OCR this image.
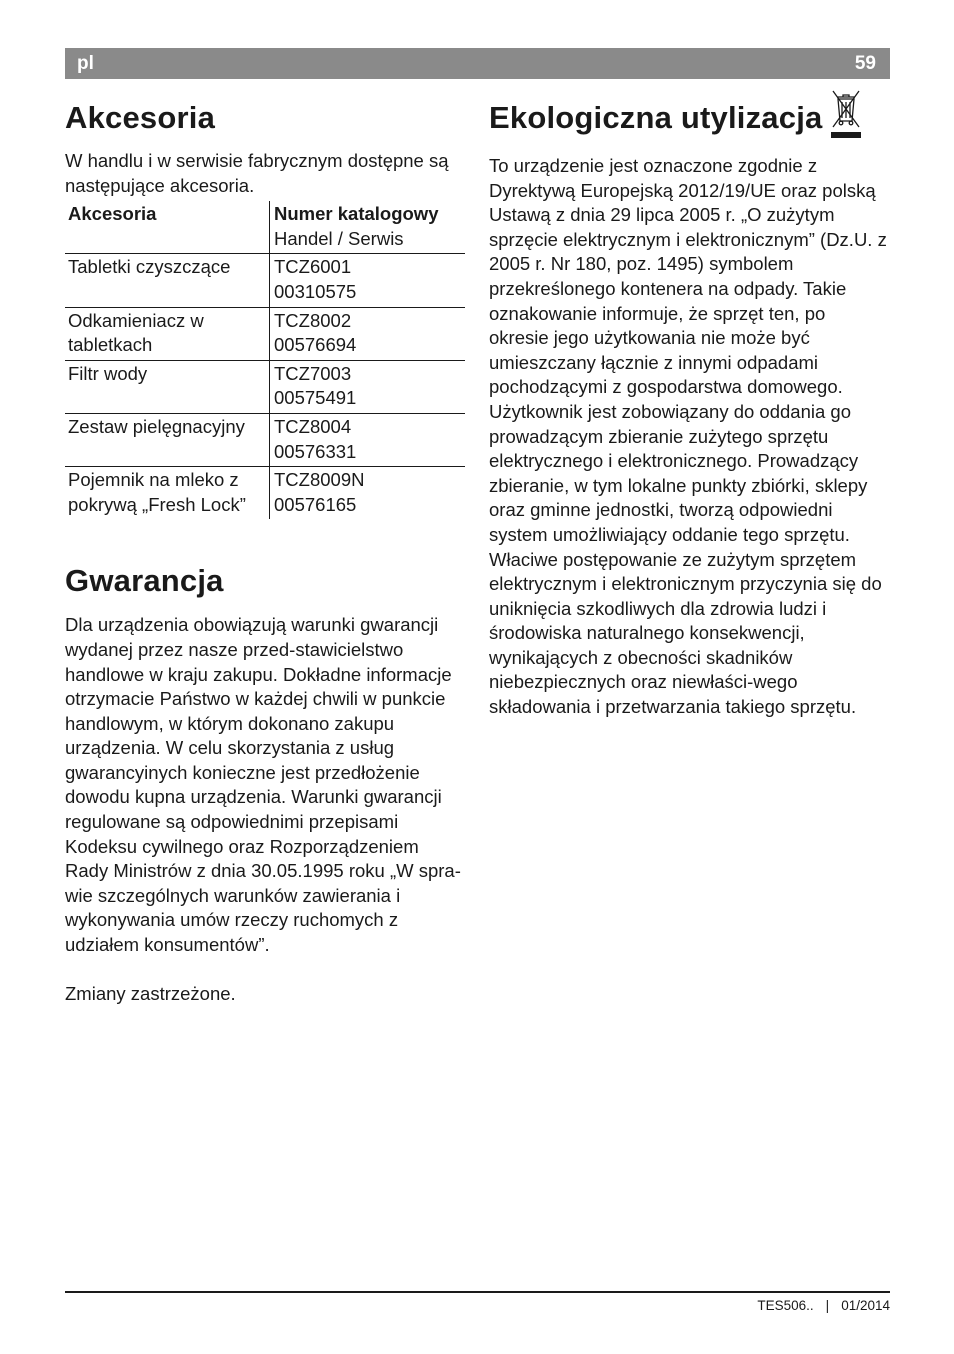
pl	59
Akcesoria

W handlu i w serwisie fabrycznym dostępne są następujące akcesoria.

Akcesoria	Numer katalogowy
Handel / Serwis

Tabletki czyszczące	TCZ6001
00310575

Odkamieniacz w tabletkach	TCZ8002
00576694

Filtr wody	TCZ7003
00575491

Zestaw pielęgnacyjny	TCZ8004
00576331

Pojemnik na mleko z pokrywą „Fresh Lock”	TCZ8009N
00576165
Gwarancja

Dla urządzenia obowiązują warunki gwarancji wydanej przez nasze przed-stawicielstwo handlowe w kraju zakupu. Dokładne informacje otrzymacie Państwo w każdej chwili w punkcie handlowym, w którym dokonano zakupu urządzenia. W celu skorzystania z usług gwarancyinych konieczne jest przedłożenie dowodu kupna urządzenia. Warunki gwarancji regulowane są odpowiednimi przepisami Kodeksu cywilnego oraz Rozporządzeniem Rady Ministrów z dnia 30.05.1995 roku „W spra-wie szczególnych warunków zawierania i wykonywania umów rzeczy ruchomych z udziałem konsumentów”.

Zmiany zastrzeżone.

Ekologiczna utylizacja

To urządzenie jest oznaczone zgodnie z Dyrektywą Europejską 2012/19/UE oraz polską Ustawą z dnia 29 lipca 2005 r. „O zużytym sprzęcie elektrycznym i elektronicznym” (Dz.U. z 2005 r. Nr 180, poz. 1495) symbolem przekreślonego kontenera na odpady. Takie oznakowanie informuje, że sprzęt ten, po okresie jego użytkowania nie może być umieszczany łącznie z innymi odpadami pochodzącymi z gospodarstwa domowego. Użytkownik jest zobowiązany do oddania go prowadzącym zbieranie zużytego sprzętu elektrycznego i elektronicznego. Prowadzący zbieranie, w tym lokalne punkty zbiórki, sklepy oraz gminne jednostki, tworzą odpowiedni system umożliwiający oddanie tego sprzętu. Właciwe postępowanie ze zużytym sprzętem elektrycznym i elektronicznym przyczynia się do uniknięcia szkodliwych dla zdrowia ludzi i środowiska naturalnego konsekwencji, wynikających z obecności skadników niebezpiecznych oraz niewłaści-wego składowania i przetwarzania takiego sprzętu.

TES506.. | 01/2014
